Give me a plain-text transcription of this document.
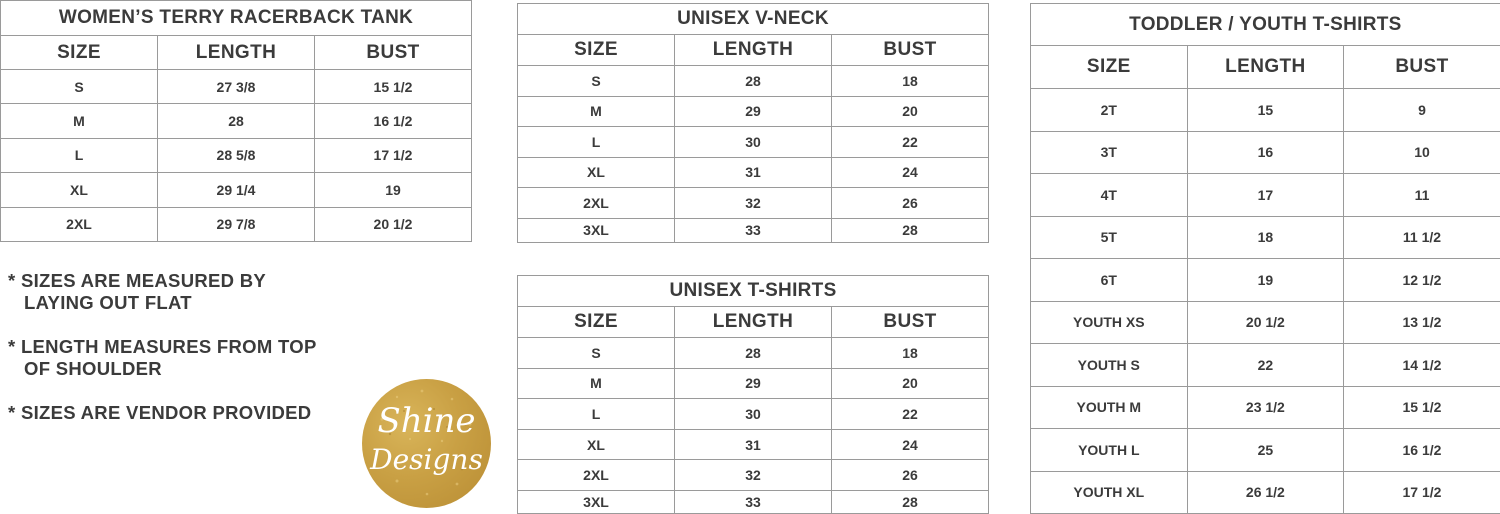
WOMEN’S TERRY RACERBACK TANK		
SIZE	LENGTH	BUST
S	27 3/8	15 1/2
M	28	16 1/2
L	28 5/8	17 1/2
XL	29 1/4	19
2XL	29 7/8	20 1/2
UNISEX V-NECK		
SIZE	LENGTH	BUST
S	28	18
M	29	20
L	30	22
XL	31	24
2XL	32	26
3XL	33	28
UNISEX T-SHIRTS		
SIZE	LENGTH	BUST
S	28	18
M	29	20
L	30	22
XL	31	24
2XL	32	26
3XL	33	28
TODDLER / YOUTH T-SHIRTS		
SIZE	LENGTH	BUST
2T	15	9
3T	16	10
4T	17	11
5T	18	11 1/2
6T	19	12 1/2
YOUTH XS	20 1/2	13 1/2
YOUTH S	22	14 1/2
YOUTH M	23 1/2	15 1/2
YOUTH L	25	16 1/2
YOUTH XL	26 1/2	17 1/2

* SIZES ARE MEASURED BY
LAYING OUT FLAT

* LENGTH MEASURES FROM TOP
OF SHOULDER

* SIZES ARE VENDOR PROVIDED	Shine
Designs
